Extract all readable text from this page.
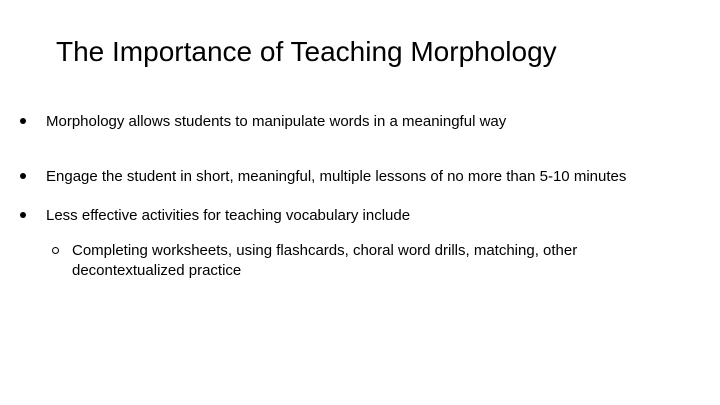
The Importance of Teaching Morphology
Morphology allows students to manipulate words in a meaningful way
Engage the student in short, meaningful, multiple lessons of no more than 5-10 minutes
Less effective activities for teaching vocabulary include
Completing worksheets, using flashcards, choral word drills, matching, other decontextualized practice
